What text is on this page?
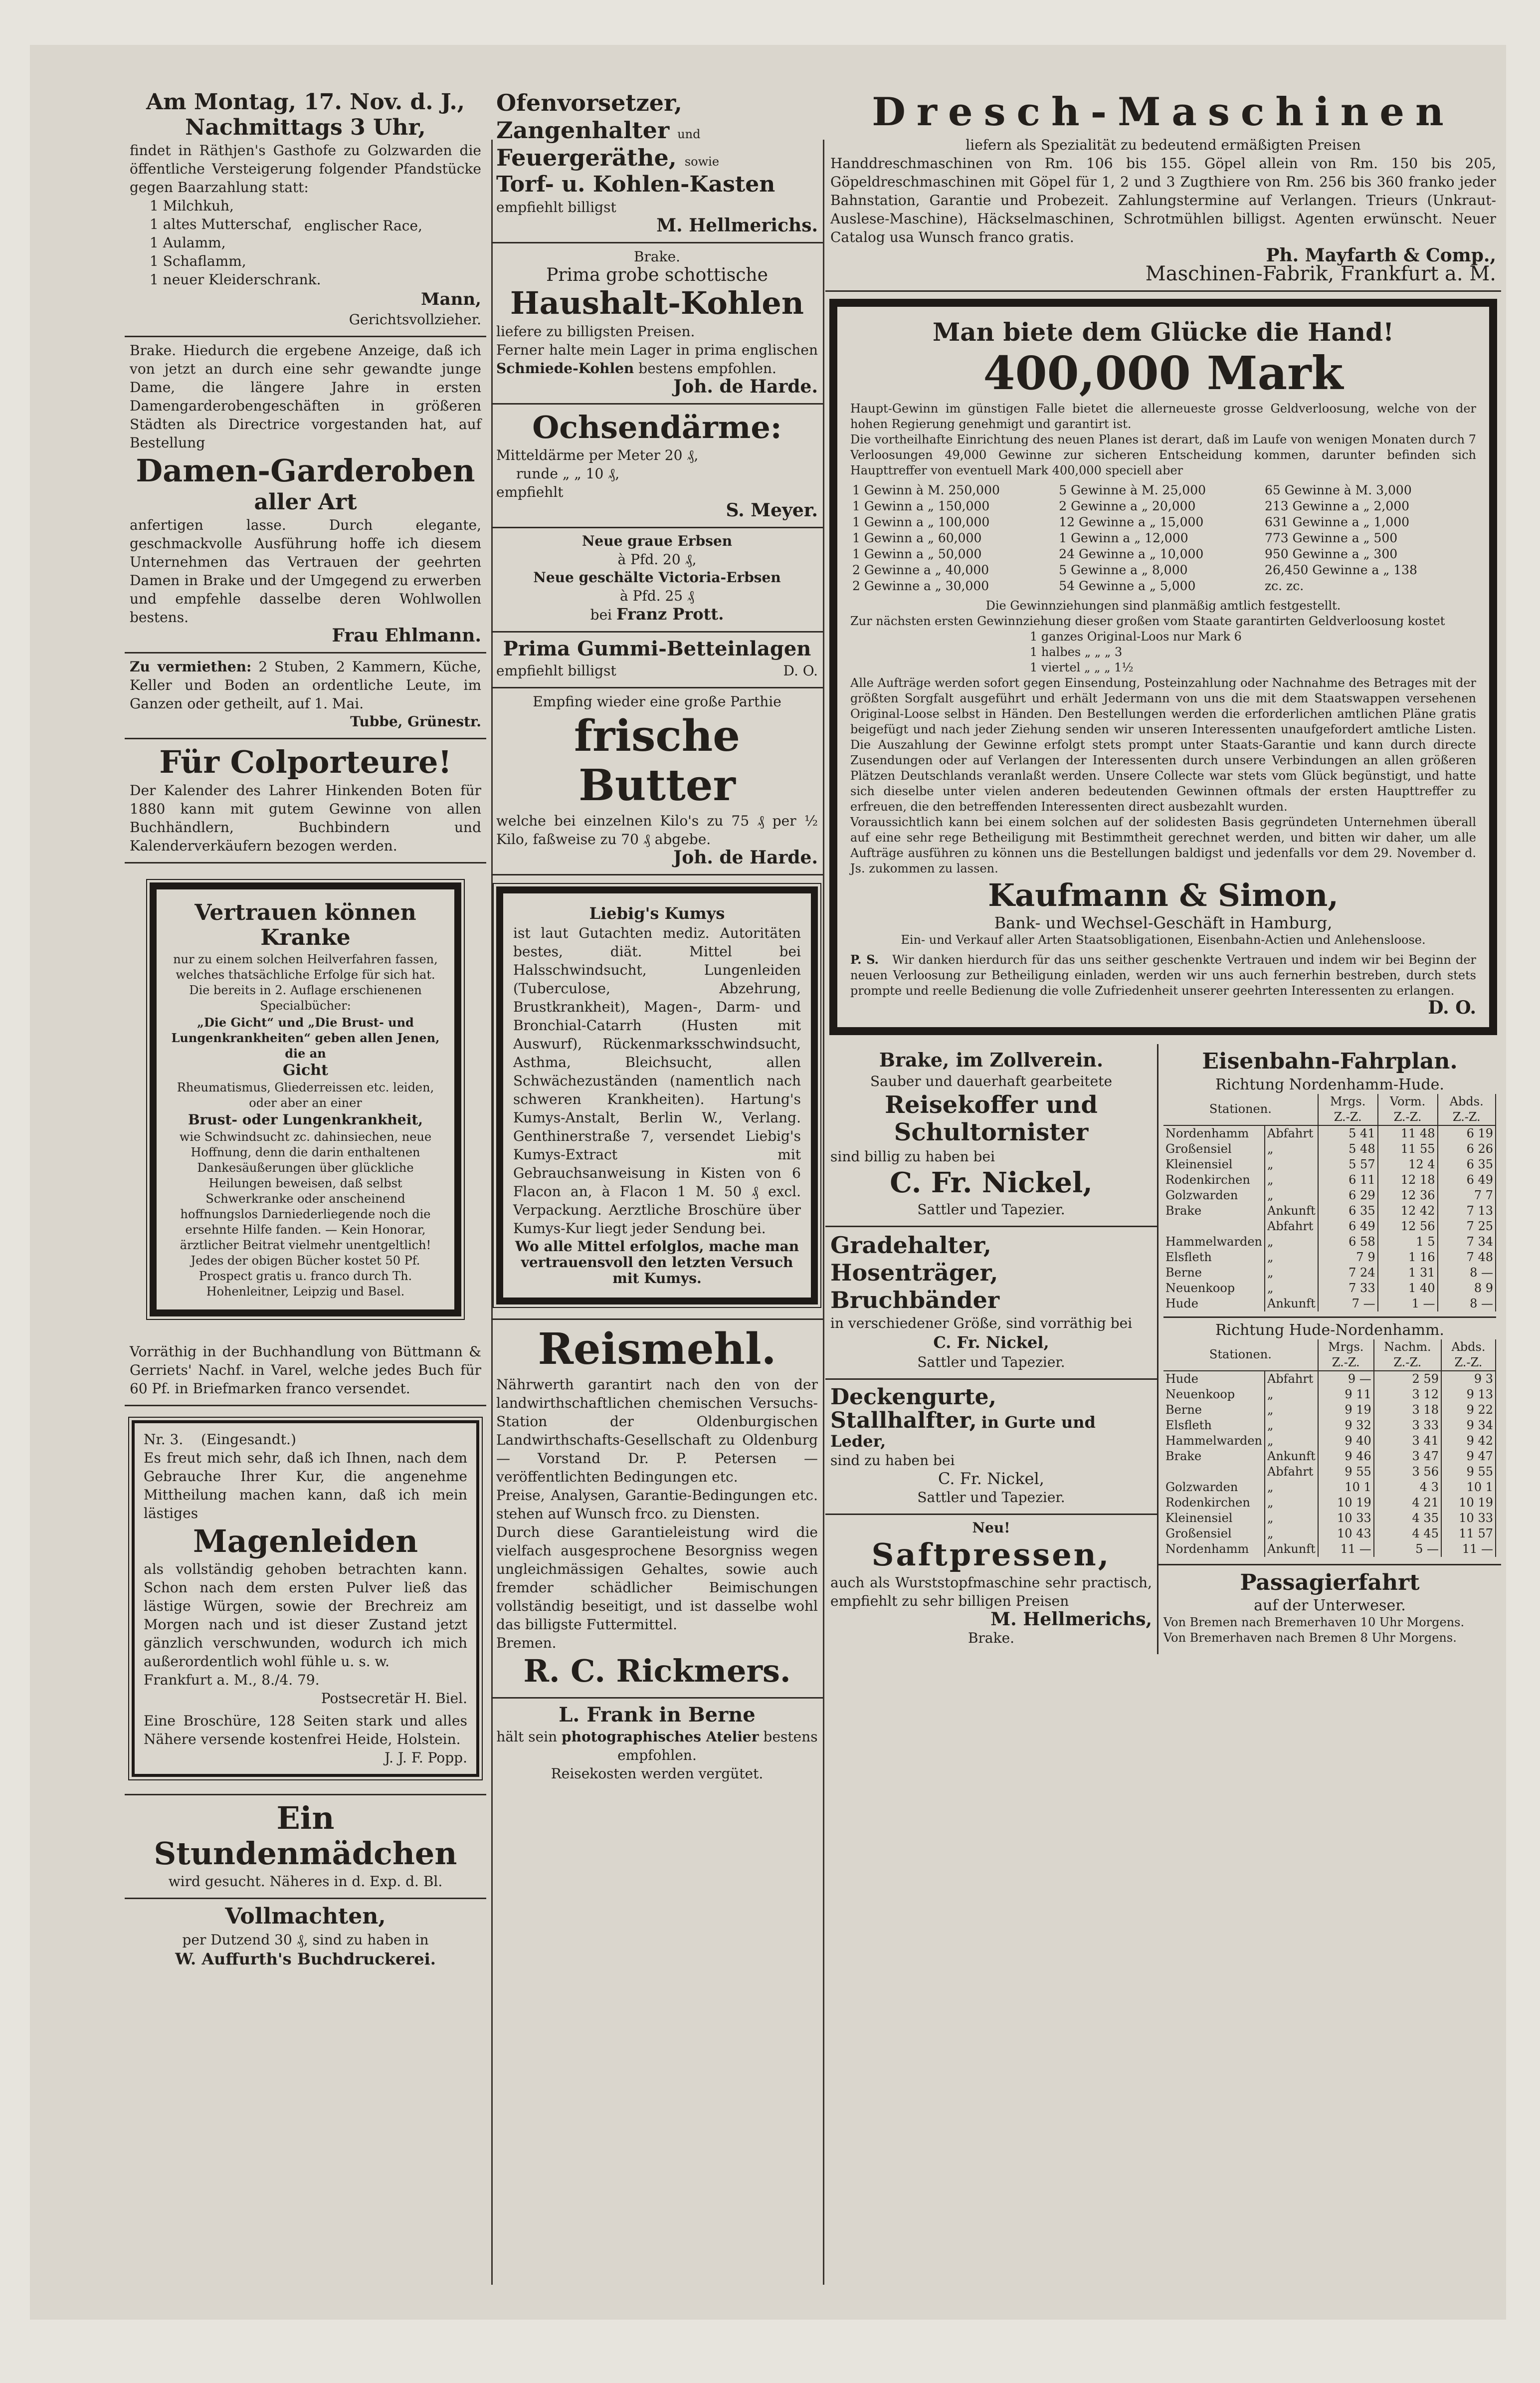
Am Montag, 17. Nov. d. J., Nachmittags 3 Uhr,

findet in Räthjen's Gasthofe zu Golzwarden die öffentliche Versteigerung folgender Pfandstücke gegen Baarzahlung statt:

1 Milchkuh,

1 altes Mutterschaf,

1 Aulamm,

1 Schaflamm,

1 neuer Kleiderschrank.

englischer Race,

Mann,

Gerichtsvollzieher.

Brake. Hiedurch die ergebene Anzeige, daß ich von jetzt an durch eine sehr gewandte junge Dame, die längere Jahre in ersten Damengarderobengeschäften in größeren Städten als Directrice vorgestanden hat, auf Bestellung

Damen-Garderoben

aller Art

anfertigen lasse. Durch elegante, geschmackvolle Ausführung hoffe ich diesem Unternehmen das Vertrauen der geehrten Damen in Brake und der Umgegend zu erwerben und empfehle dasselbe deren Wohlwollen bestens.

Frau Ehlmann.

Zu vermiethen: 2 Stuben, 2 Kammern, Küche, Keller und Boden an ordentliche Leute, im Ganzen oder getheilt, auf 1. Mai.

Tubbe, Grünestr.

Für Colporteure!

Der Kalender des Lahrer Hinkenden Boten für 1880 kann mit gutem Gewinne von allen Buchhändlern, Buchbindern und Kalenderverkäufern bezogen werden.

Vertrauen können Kranke

nur zu einem solchen Heilverfahren fassen, welches thatsächliche Erfolge für sich hat. Die bereits in 2. Auflage erschienenen Specialbücher:

„Die Gicht“ und „Die Brust- und Lungenkrankheiten“ geben allen Jenen, die an

Gicht

Rheumatismus, Gliederreissen etc. leiden, oder aber an einer

Brust- oder Lungenkrankheit,

wie Schwindsucht zc. dahinsiechen, neue Hoffnung, denn die darin enthaltenen Dankesäußerungen über glückliche Heilungen beweisen, daß selbst Schwerkranke oder anscheinend hoffnungslos Darniederliegende noch die ersehnte Hilfe fanden. — Kein Honorar, ärztlicher Beitrat vielmehr unentgeltlich! Jedes der obigen Bücher kostet 50 Pf. Prospect gratis u. franco durch Th. Hohenleitner, Leipzig und Basel.

Vorräthig in der Buchhandlung von Büttmann & Gerriets' Nachf. in Varel, welche jedes Buch für 60 Pf. in Briefmarken franco versendet.

Nr. 3. (Eingesandt.)

Es freut mich sehr, daß ich Ihnen, nach dem Gebrauche Ihrer Kur, die angenehme Mittheilung machen kann, daß ich mein lästiges

Magenleiden

als vollständig gehoben betrachten kann. Schon nach dem ersten Pulver ließ das lästige Würgen, sowie der Brechreiz am Morgen nach und ist dieser Zustand jetzt gänzlich verschwunden, wodurch ich mich außerordentlich wohl fühle u. s. w.

Frankfurt a. M., 8./4. 79.

Postsecretär H. Biel.

Eine Broschüre, 128 Seiten stark und alles Nähere versende kostenfrei Heide, Holstein.

J. J. F. Popp.

Ein Stundenmädchen

wird gesucht. Näheres in d. Exp. d. Bl.

Vollmachten,

per Dutzend 30 ₰, sind zu haben in

W. Auffurth's Buchdruckerei.

Ofenvorsetzer,

Zangenhalter und

Feuergeräthe, sowie

Torf- u. Kohlen-Kasten

empfiehlt billigst

M. Hellmerichs.

Brake.

Prima grobe schottische

Haushalt-Kohlen

liefere zu billigsten Preisen.

Ferner halte mein Lager in prima englischen Schmiede-Kohlen bestens empfohlen.

Joh. de Harde.

Ochsendärme:

Mitteldärme per Meter 20 ₰,

runde „ „ 10 ₰,

empfiehlt

S. Meyer.

Neue graue Erbsen

à Pfd. 20 ₰,

Neue geschälte Victoria-Erbsen

à Pfd. 25 ₰

bei Franz Prott.

Prima Gummi-Betteinlagen

empfiehlt billigst	D. O.

Empfing wieder eine große Parthie

frische Butter

welche bei einzelnen Kilo's zu 75 ₰ per ½ Kilo, faßweise zu 70 ₰ abgebe.

Joh. de Harde.

Liebig's Kumys

ist laut Gutachten mediz. Autoritäten bestes, diät. Mittel bei Halsschwindsucht, Lungenleiden (Tuberculose, Abzehrung, Brustkrankheit), Magen-, Darm- und Bronchial-Catarrh (Husten mit Auswurf), Rückenmarksschwindsucht, Asthma, Bleichsucht, allen Schwächezuständen (namentlich nach schweren Krankheiten). Hartung's Kumys-Anstalt, Berlin W., Verlang. Genthinerstraße 7, versendet Liebig's Kumys-Extract mit Gebrauchsanweisung in Kisten von 6 Flacon an, à Flacon 1 M. 50 ₰ excl. Verpackung. Aerztliche Broschüre über Kumys-Kur liegt jeder Sendung bei.

Wo alle Mittel erfolglos, mache man vertrauensvoll den letzten Versuch mit Kumys.

Reismehl.

Nährwerth garantirt nach den von der landwirthschaftlichen chemischen Versuchs-Station der Oldenburgischen Landwirthschafts-Gesellschaft zu Oldenburg — Vorstand Dr. P. Petersen — veröffentlichten Bedingungen etc.

Preise, Analysen, Garantie-Bedingungen etc. stehen auf Wunsch frco. zu Diensten.

Durch diese Garantieleistung wird die vielfach ausgesprochene Besorgniss wegen ungleichmässigen Gehaltes, sowie auch fremder schädlicher Beimischungen vollständig beseitigt, und ist dasselbe wohl das billigste Futtermittel.

Bremen.

R. C. Rickmers.

L. Frank in Berne

hält sein photographisches Atelier bestens empfohlen.

Reisekosten werden vergütet.

Dresch-Maschinen

liefern als Spezialität zu bedeutend ermäßigten Preisen

Handdreschmaschinen von Rm. 106 bis 155. Göpel allein von Rm. 150 bis 205, Göpeldreschmaschinen mit Göpel für 1, 2 und 3 Zugthiere von Rm. 256 bis 360 franko jeder Bahnstation, Garantie und Probezeit. Zahlungstermine auf Verlangen. Trieurs (Unkraut-Auslese-Maschine), Häckselmaschinen, Schrotmühlen billigst. Agenten erwünscht. Neuer Catalog usa Wunsch franco gratis.

Ph. Mayfarth & Comp.,

Maschinen-Fabrik, Frankfurt a. M.

Man biete dem Glücke die Hand!

400,000 Mark

Haupt-Gewinn im günstigen Falle bietet die allerneueste grosse Geldverloosung, welche von der hohen Regierung genehmigt und garantirt ist.

Die vortheilhafte Einrichtung des neuen Planes ist derart, daß im Laufe von wenigen Monaten durch 7 Verloosungen 49,000 Gewinne zur sicheren Entscheidung kommen, darunter befinden sich Haupttreffer von eventuell Mark 400,000 speciell aber

1 Gewinn à M. 250,000	5 Gewinne à M. 25,000	65 Gewinne à M. 3,000
1 Gewinn a „ 150,000	2 Gewinne a „ 20,000	213 Gewinne a „ 2,000
1 Gewinn a „ 100,000	12 Gewinne a „ 15,000	631 Gewinne a „ 1,000
1 Gewinn a „ 60,000	1 Gewinn a „ 12,000	773 Gewinne a „ 500
1 Gewinn a „ 50,000	24 Gewinne a „ 10,000	950 Gewinne a „ 300
2 Gewinne a „ 40,000	5 Gewinne a „ 8,000	26,450 Gewinne a „ 138
2 Gewinne a „ 30,000	54 Gewinne a „ 5,000	zc. zc.

Die Gewinnziehungen sind planmäßig amtlich festgestellt.

Zur nächsten ersten Gewinnziehung dieser großen vom Staate garantirten Geldverloosung kostet

1 ganzes Original-Loos nur Mark 6

1 halbes „ „ „ 3

1 viertel „ „ „ 1½

Alle Aufträge werden sofort gegen Einsendung, Posteinzahlung oder Nachnahme des Betrages mit der größten Sorgfalt ausgeführt und erhält Jedermann von uns die mit dem Staatswappen versehenen Original-Loose selbst in Händen. Den Bestellungen werden die erforderlichen amtlichen Pläne gratis beigefügt und nach jeder Ziehung senden wir unseren Interessenten unaufgefordert amtliche Listen. Die Auszahlung der Gewinne erfolgt stets prompt unter Staats-Garantie und kann durch directe Zusendungen oder auf Verlangen der Interessenten durch unsere Verbindungen an allen größeren Plätzen Deutschlands veranlaßt werden. Unsere Collecte war stets vom Glück begünstigt, und hatte sich dieselbe unter vielen anderen bedeutenden Gewinnen oftmals der ersten Haupttreffer zu erfreuen, die den betreffenden Interessenten direct ausbezahlt wurden.

Voraussichtlich kann bei einem solchen auf der solidesten Basis gegründeten Unternehmen überall auf eine sehr rege Betheiligung mit Bestimmtheit gerechnet werden, und bitten wir daher, um alle Aufträge ausführen zu können uns die Bestellungen baldigst und jedenfalls vor dem 29. November d. Js. zukommen zu lassen.

Kaufmann & Simon,

Bank- und Wechsel-Geschäft in Hamburg,

Ein- und Verkauf aller Arten Staatsobligationen, Eisenbahn-Actien und Anlehensloose.

P. S. Wir danken hierdurch für das uns seither geschenkte Vertrauen und indem wir bei Beginn der neuen Verloosung zur Betheiligung einladen, werden wir uns auch fernerhin bestreben, durch stets prompte und reelle Bedienung die volle Zufriedenheit unserer geehrten Interessenten zu erlangen.

D. O.

Brake, im Zollverein.

Sauber und dauerhaft gearbeitete

Reisekoffer und Schultornister

sind billig zu haben bei

C. Fr. Nickel,

Sattler und Tapezier.

Gradehalter,

Hosenträger,

Bruchbänder

in verschiedener Größe, sind vorräthig bei

C. Fr. Nickel,

Sattler und Tapezier.

Deckengurte,

Stallhalfter, in Gurte und Leder,

sind zu haben bei

C. Fr. Nickel,

Sattler und Tapezier.

Neu!

Saftpressen,

auch als Wurststopfmaschine sehr practisch, empfiehlt zu sehr billigen Preisen

M. Hellmerichs,

Brake.

Eisenbahn-Fahrplan.

Richtung Nordenhamm-Hude.

Stationen.		Mrgs. Z.-Z.	Vorm. Z.-Z.	Abds. Z.-Z.
Nordenhamm	Abfahrt	5 41	11 48	6 19
Großensiel	„	5 48	11 55	6 26
Kleinensiel	„	5 57	12 4	6 35
Rodenkirchen	„	6 11	12 18	6 49
Golzwarden	„	6 29	12 36	7 7
Brake	Ankunft	6 35	12 42	7 13
	Abfahrt	6 49	12 56	7 25
Hammelwarden	„	6 58	1 5	7 34
Elsfleth	„	7 9	1 16	7 48
Berne	„	7 24	1 31	8 —
Neuenkoop	„	7 33	1 40	8 9
Hude	Ankunft	7 —	1 —	8 —

Richtung Hude-Nordenhamm.

Stationen.		Mrgs. Z.-Z.	Nachm. Z.-Z.	Abds. Z.-Z.
Hude	Abfahrt	9 —	2 59	9 3
Neuenkoop	„	9 11	3 12	9 13
Berne	„	9 19	3 18	9 22
Elsfleth	„	9 32	3 33	9 34
Hammelwarden	„	9 40	3 41	9 42
Brake	Ankunft	9 46	3 47	9 47
	Abfahrt	9 55	3 56	9 55
Golzwarden	„	10 1	4 3	10 1
Rodenkirchen	„	10 19	4 21	10 19
Kleinensiel	„	10 33	4 35	10 33
Großensiel	„	10 43	4 45	11 57
Nordenhamm	Ankunft	11 —	5 —	11 —

Passagierfahrt

auf der Unterweser.

Von Bremen nach Bremerhaven 10 Uhr Morgens.

Von Bremerhaven nach Bremen 8 Uhr Morgens.
